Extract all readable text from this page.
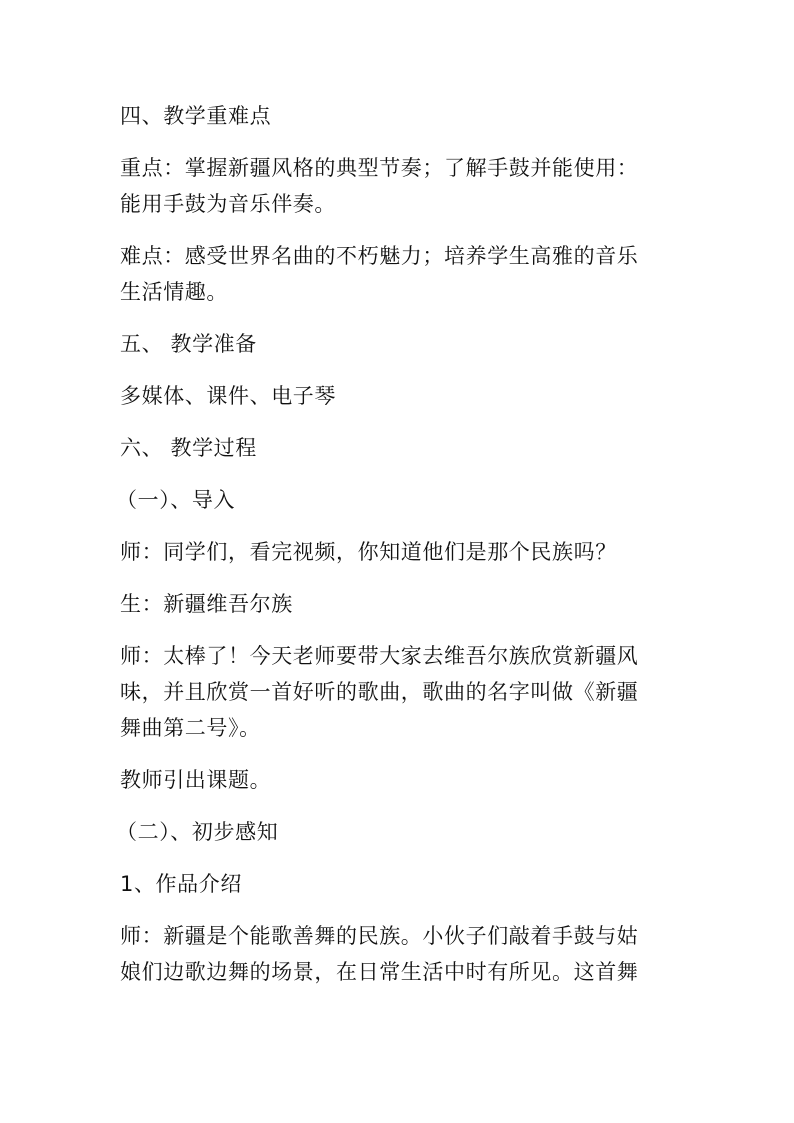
四、教学重难点

重点：掌握新疆风格的典型节奏；了解手鼓并能使用：
能用手鼓为音乐伴奏。

难点：感受世界名曲的不朽魅力；培养学生高雅的音乐
生活情趣。

五、 教学准备

多媒体、课件、电子琴

六、 教学过程

（一）、导入

师：同学们，看完视频，你知道他们是那个民族吗？

生：新疆维吾尔族

师：太棒了！今天老师要带大家去维吾尔族欣赏新疆风
味，并且欣赏一首好听的歌曲，歌曲的名字叫做《新疆
舞曲第二号》。

教师引出课题。

（二）、初步感知

1、作品介绍

师：新疆是个能歌善舞的民族。小伙子们敲着手鼓与姑
娘们边歌边舞的场景，在日常生活中时有所见。这首舞
